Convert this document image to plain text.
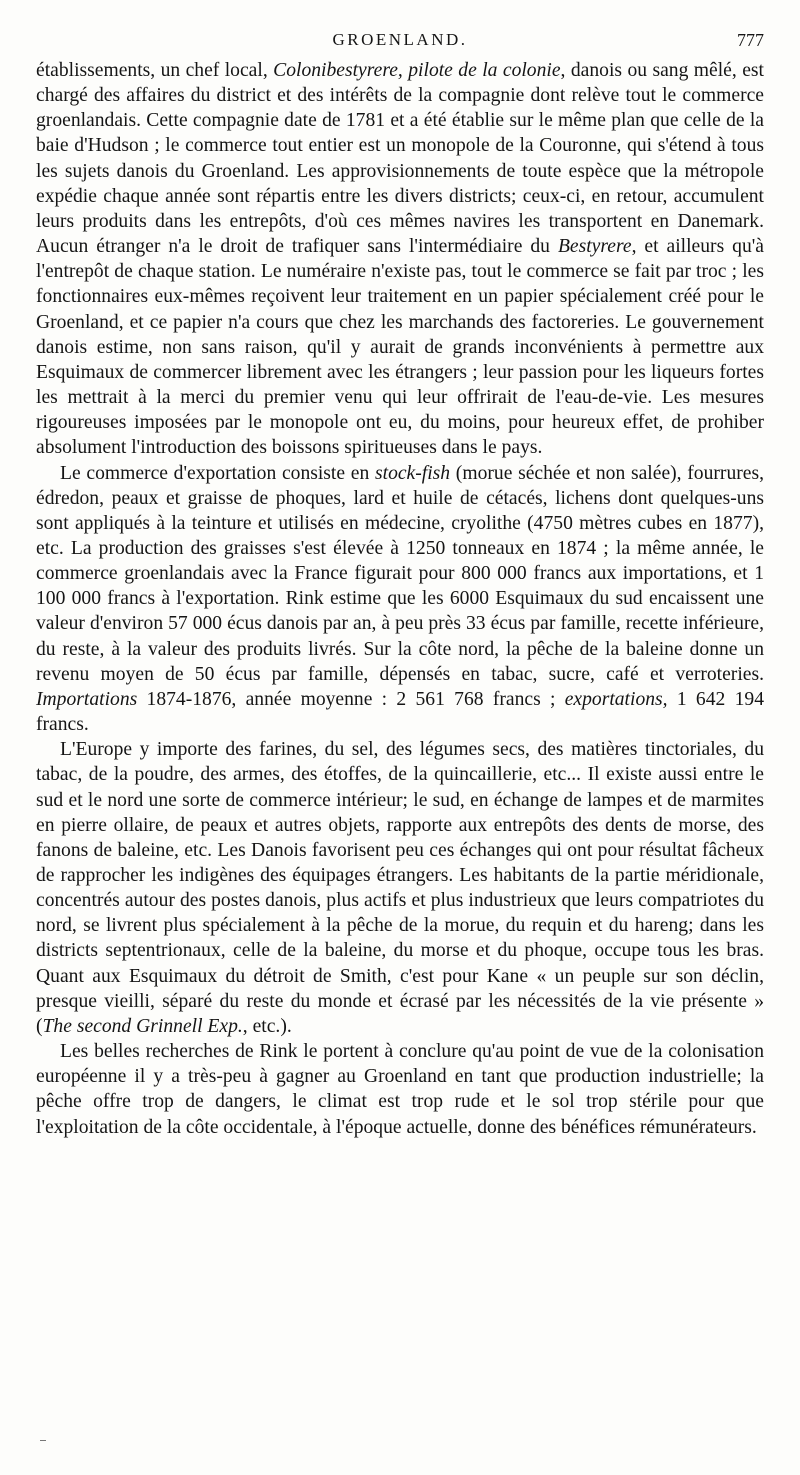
GROENLAND.	777

établissements, un chef local, Colonibestyrere, pilote de la colonie, danois ou sang mêlé, est chargé des affaires du district et des intérêts de la compagnie dont relève tout le commerce groenlandais. Cette compagnie date de 1781 et a été établie sur le même plan que celle de la baie d'Hudson ; le commerce tout entier est un monopole de la Couronne, qui s'étend à tous les sujets danois du Groenland. Les approvisionnements de toute espèce que la métropole expédie chaque année sont répartis entre les divers districts; ceux-ci, en retour, accumulent leurs produits dans les entrepôts, d'où ces mêmes navires les transportent en Danemark. Aucun étranger n'a le droit de trafiquer sans l'intermédiaire du Bestyrere, et ailleurs qu'à l'entrepôt de chaque station. Le numéraire n'existe pas, tout le commerce se fait par troc ; les fonctionnaires eux-mêmes reçoivent leur traitement en un papier spécialement créé pour le Groenland, et ce papier n'a cours que chez les marchands des factoreries. Le gouvernement danois estime, non sans raison, qu'il y aurait de grands inconvénients à permettre aux Esquimaux de commercer librement avec les étrangers ; leur passion pour les liqueurs fortes les mettrait à la merci du premier venu qui leur offrirait de l'eau-de-vie. Les mesures rigoureuses imposées par le monopole ont eu, du moins, pour heureux effet, de prohiber absolument l'introduction des boissons spiritueuses dans le pays.

Le commerce d'exportation consiste en stock-fish (morue séchée et non salée), fourrures, édredon, peaux et graisse de phoques, lard et huile de cétacés, lichens dont quelques-uns sont appliqués à la teinture et utilisés en médecine, cryolithe (4750 mètres cubes en 1877), etc. La production des graisses s'est élevée à 1250 tonneaux en 1874 ; la même année, le commerce groenlandais avec la France figurait pour 800 000 francs aux importations, et 1 100 000 francs à l'exportation. Rink estime que les 6000 Esquimaux du sud encaissent une valeur d'environ 57 000 écus danois par an, à peu près 33 écus par famille, recette inférieure, du reste, à la valeur des produits livrés. Sur la côte nord, la pêche de la baleine donne un revenu moyen de 50 écus par famille, dépensés en tabac, sucre, café et verroteries. Importations 1874-1876, année moyenne : 2 561 768 francs ; exportations, 1 642 194 francs.

L'Europe y importe des farines, du sel, des légumes secs, des matières tinctoriales, du tabac, de la poudre, des armes, des étoffes, de la quincaillerie, etc... Il existe aussi entre le sud et le nord une sorte de commerce intérieur; le sud, en échange de lampes et de marmites en pierre ollaire, de peaux et autres objets, rapporte aux entrepôts des dents de morse, des fanons de baleine, etc. Les Danois favorisent peu ces échanges qui ont pour résultat fâcheux de rapprocher les indigènes des équipages étrangers. Les habitants de la partie méridionale, concentrés autour des postes danois, plus actifs et plus industrieux que leurs compatriotes du nord, se livrent plus spécialement à la pêche de la morue, du requin et du hareng; dans les districts septentrionaux, celle de la baleine, du morse et du phoque, occupe tous les bras. Quant aux Esquimaux du détroit de Smith, c'est pour Kane « un peuple sur son déclin, presque vieilli, séparé du reste du monde et écrasé par les nécessités de la vie présente » (The second Grinnell Exp., etc.).

Les belles recherches de Rink le portent à conclure qu'au point de vue de la colonisation européenne il y a très-peu à gagner au Groenland en tant que production industrielle; la pêche offre trop de dangers, le climat est trop rude et le sol trop stérile pour que l'exploitation de la côte occidentale, à l'époque actuelle, donne des bénéfices rémunérateurs.
